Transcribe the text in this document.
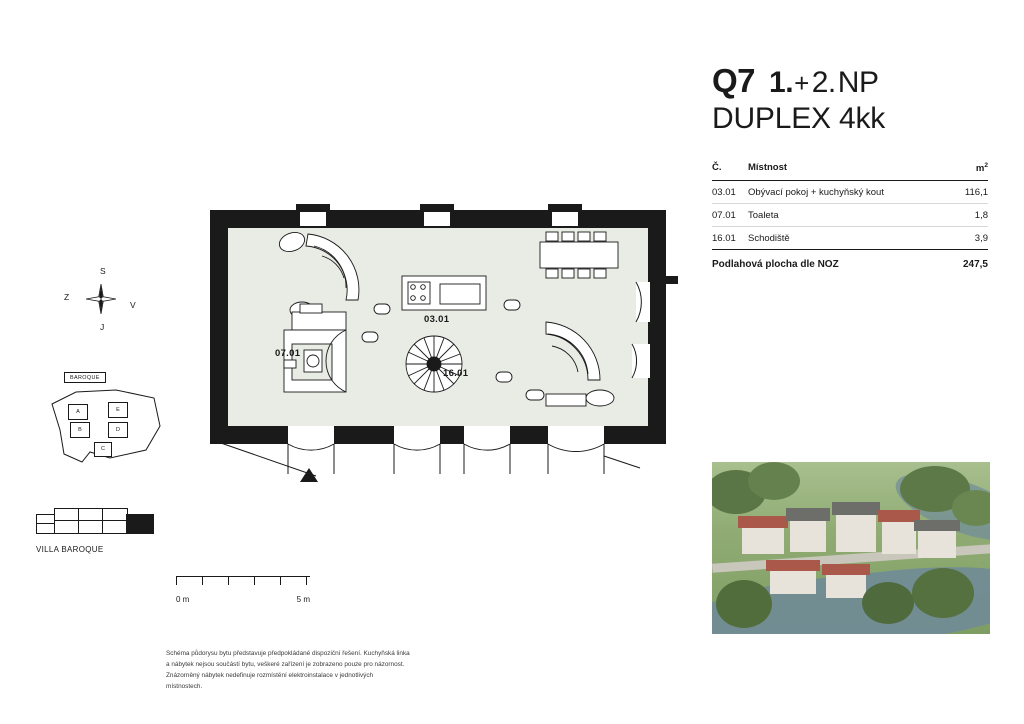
Q7 1. + 2. NP
DUPLEX 4kk
Č.	Místnost	$m^2$
03.01	Obývací pokoj + kuchyňský kout	116,1
07.01	Toaleta	1,8
16.01	Schodiště	3,9
Podlahová plocha dle NOZ	247,5
S
J
Z
V
BAROQUE
A
B
C
D
E
VILLA BAROQUE
0 m	5 m
Schéma půdorysu bytu představuje předpokládané dispoziční řešení. Kuchyňská linka a nábytek nejsou součástí bytu, veškeré zařízení je zobrazeno pouze pro názornost. Znázorněný nábytek nedefinuje rozmístění elektroinstalace v jednotlivých místnostech.
03.01
07.01
16.01
